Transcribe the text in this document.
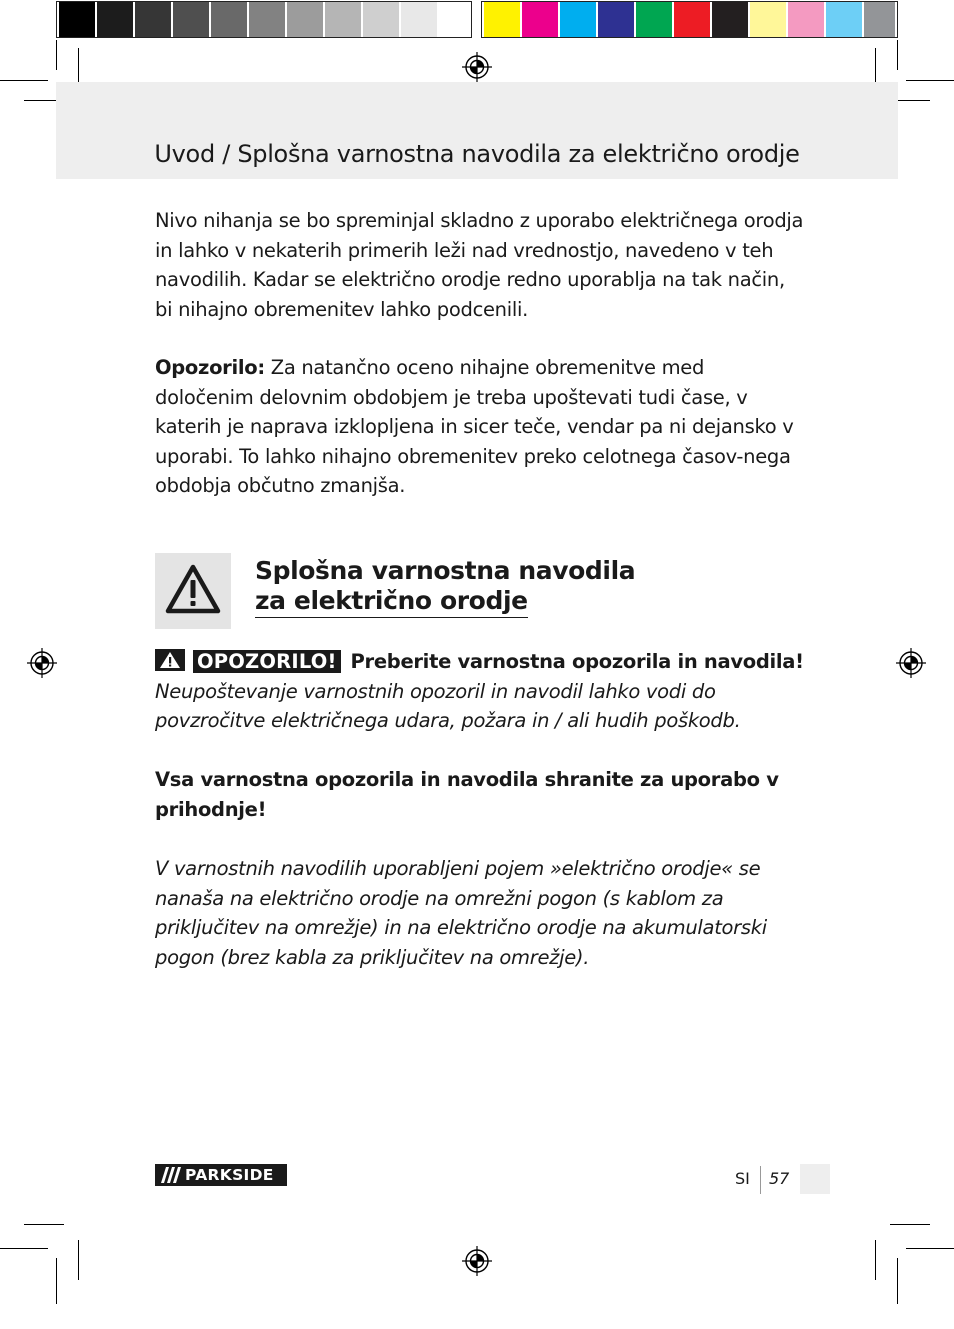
Uvod / Splošna varnostna navodila za električno orodje

Nivo nihanja se bo spreminjal skladno z uporabo električnega orodja in lahko v nekaterih primerih leži nad vrednostjo, navedeno v teh navodilih. Kadar se električno orodje redno uporablja na tak način, bi nihajno obremenitev lahko podcenili.

Opozorilo: Za natančno oceno nihajne obremenitve med določenim delovnim obdobjem je treba upoštevati tudi čase, v katerih je naprava izklopljena in sicer teče, vendar pa ni dejansko v uporabi. To lahko nihajno obremenitev preko celotnega časov-nega obdobja občutno zmanjša.

Splošna varnostna navodila
za električno orodje

OPOZORILO! Preberite varnostna opozorila in navodila! Neupoštevanje varnostnih opozoril in navodil lahko vodi do povzročitve električnega udara, požara in / ali hudih poškodb.

Vsa varnostna opozorila in navodila shranite za uporabo v prihodnje!

V varnostnih navodilih uporabljeni pojem »električno orodje« se nanaša na električno orodje na omrežni pogon (s kablom za priključitev na omrežje) in na električno orodje na akumulatorski pogon (brez kabla za priključitev na omrežje).

PARKSIDE	SI 57
